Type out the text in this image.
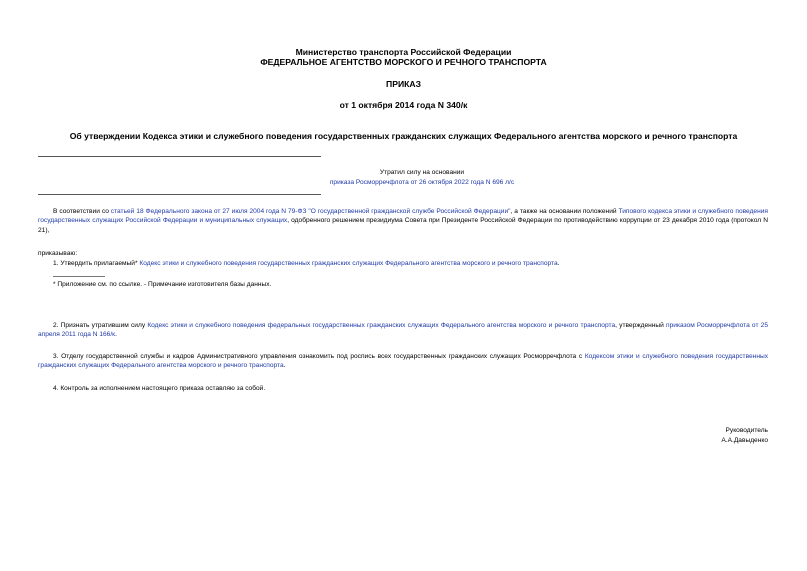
Министерство транспорта Российской Федерации
ФЕДЕРАЛЬНОЕ АГЕНТСТВО МОРСКОГО И РЕЧНОГО ТРАНСПОРТА
ПРИКАЗ
от 1 октября 2014 года N 340/к
Об утверждении Кодекса этики и служебного поведения государственных гражданских служащих Федерального агентства морского и речного транспорта
Утратил силу на основании
приказа Росморречфлота от 26 октября 2022 года N 696 л/с
В соответствии со статьей 18 Федерального закона от 27 июля 2004 года N 79-ФЗ "О государственной гражданской службе Российской Федерации", а также на основании положений Типового кодекса этики и служебного поведения государственных служащих Российской Федерации и муниципальных служащих, одобренного решением президиума Совета при Президенте Российской Федерации по противодействию коррупции от 23 декабря 2010 года (протокол N 21),
приказываю:
1. Утвердить прилагаемый* Кодекс этики и служебного поведения государственных гражданских служащих Федерального агентства морского и речного транспорта.
* Приложение см. по ссылке. - Примечание изготовителя базы данных.
2. Признать утратившим силу Кодекс этики и служебного поведения федеральных государственных гражданских служащих Федерального агентства морского и речного транспорта, утвержденный приказом Росморречфлота от 25 апреля 2011 года N 166/к.
3. Отделу государственной службы и кадров Административного управления ознакомить под роспись всех государственных гражданских служащих Росморречфлота с Кодексом этики и служебного поведения государственных гражданских служащих Федерального агентства морского и речного транспорта.
4. Контроль за исполнением настоящего приказа оставляю за собой.
Руководитель
А.А.Давыденко
